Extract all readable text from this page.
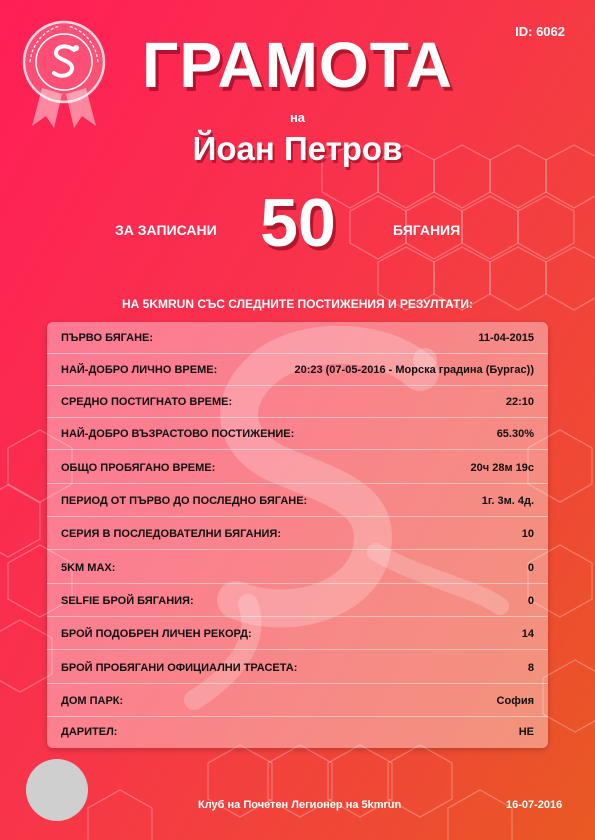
ID: 6062
ГРАМОТА
на
Йоан Петров
ЗА ЗАПИСАНИ 50	БЯГАНИЯ
НА 5KMRUN СЪС СЛЕДНИТЕ ПОСТИЖЕНИЯ И РЕЗУЛТАТИ:
ПЪРВО БЯГАНЕ:	11-04-2015
НАЙ-ДОБРО ЛИЧНО ВРЕМЕ:	20:23 (07-05-2016 - Морска градина (Бургас))
СРЕДНО ПОСТИГНАТО ВРЕМЕ:	22:10
НАЙ-ДОБРО ВЪЗРАСТОВО ПОСТИЖЕНИЕ:	65.30%
ОБЩО ПРОБЯГАНО ВРЕМЕ:	20ч 28м 19с
ПЕРИОД ОТ ПЪРВО ДО ПОСЛЕДНО БЯГАНЕ:	1г. 3м. 4д.
СЕРИЯ В ПОСЛЕДОВАТЕЛНИ БЯГАНИЯ:	10
5KM MAX:	0
SELFIE БРОЙ БЯГАНИЯ:	0
БРОЙ ПОДОБРЕН ЛИЧЕН РЕКОРД:	14
БРОЙ ПРОБЯГАНИ ОФИЦИАЛНИ ТРАСЕТА:	8
ДОМ ПАРК:	София
ДАРИТЕЛ:	НЕ
Клуб на Почетен Легионер на 5kmrun	16-07-2016
